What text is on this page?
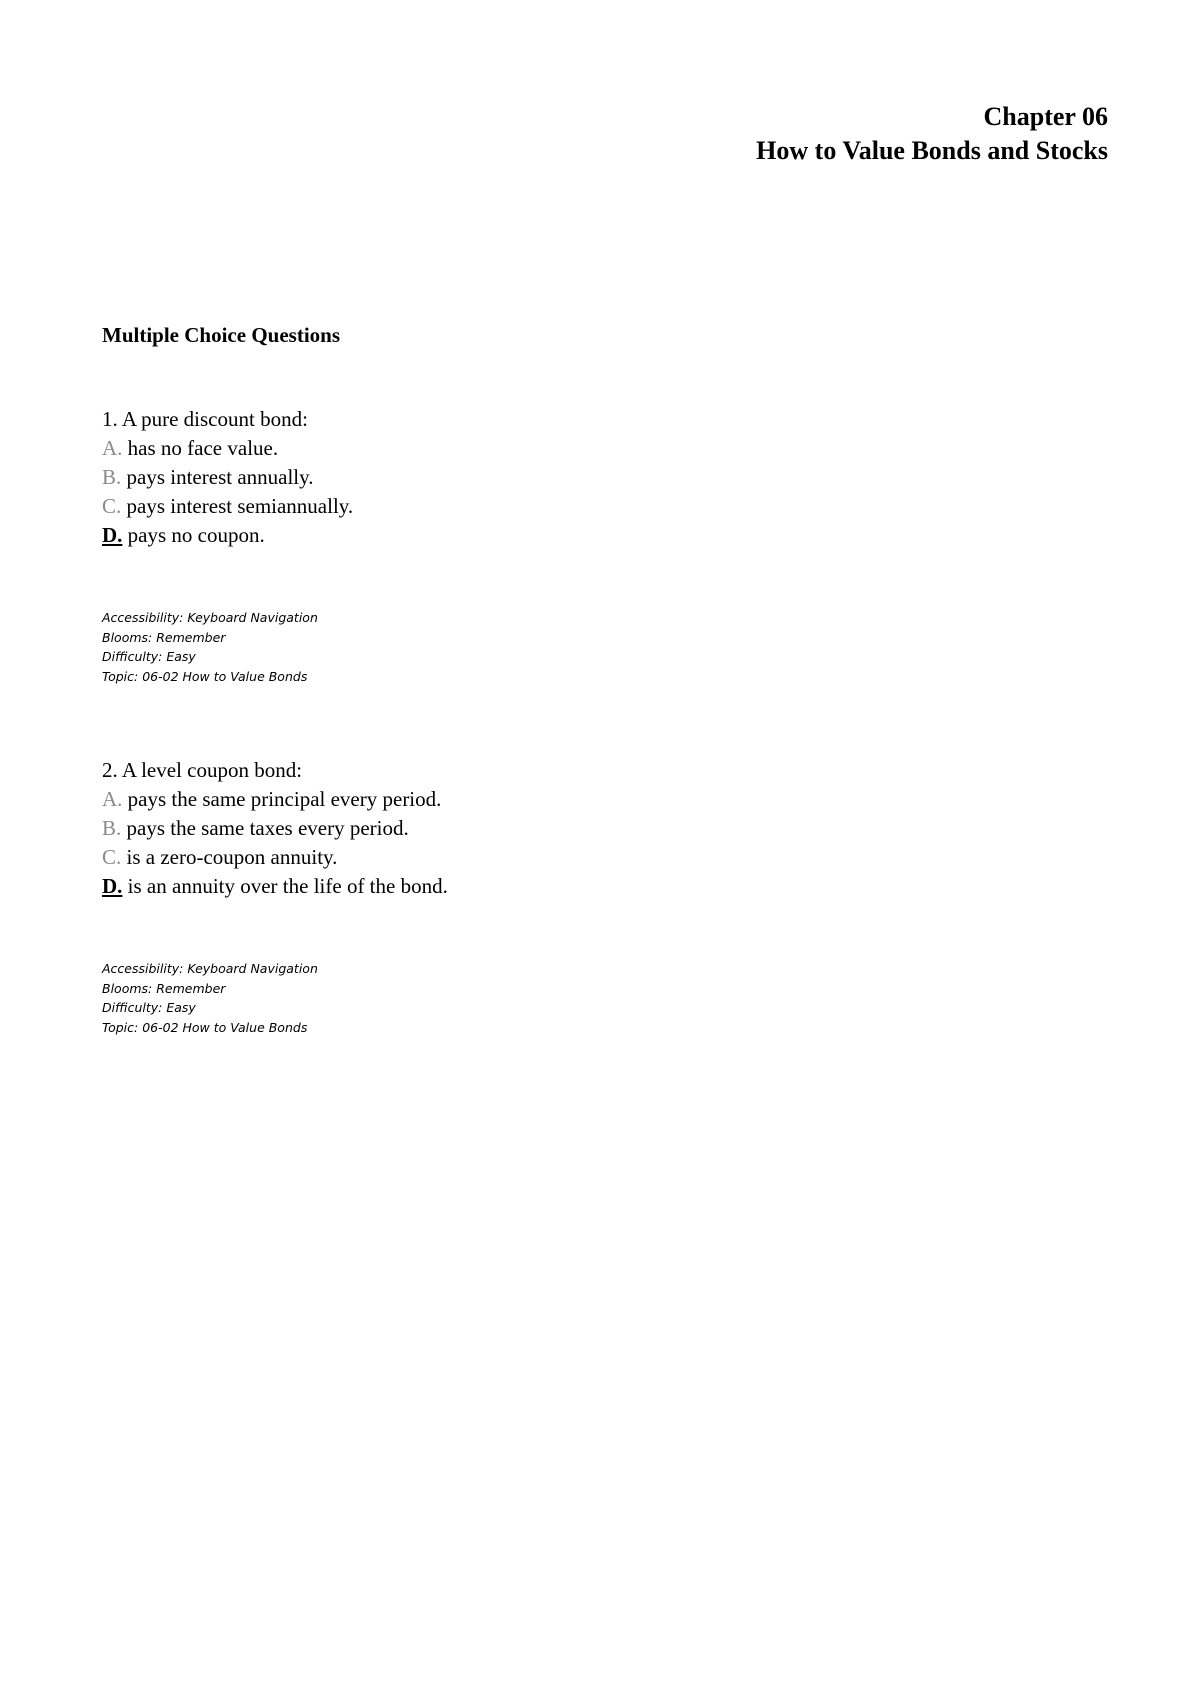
Chapter 06
How to Value Bonds and Stocks
Multiple Choice Questions
1. A pure discount bond:
A. has no face value.
B. pays interest annually.
C. pays interest semiannually.
D. pays no coupon.
Accessibility: Keyboard Navigation
Blooms: Remember
Difficulty: Easy
Topic: 06-02 How to Value Bonds
2. A level coupon bond:
A. pays the same principal every period.
B. pays the same taxes every period.
C. is a zero-coupon annuity.
D. is an annuity over the life of the bond.
Accessibility: Keyboard Navigation
Blooms: Remember
Difficulty: Easy
Topic: 06-02 How to Value Bonds
